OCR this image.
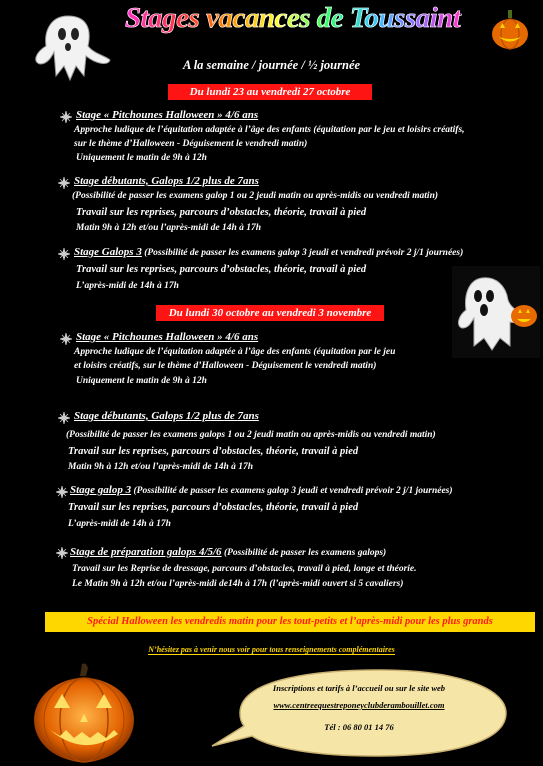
Stages vacances de Toussaint
A la semaine / journée / ½ journée
Du lundi 23 au vendredi 27 octobre
Stage « Pitchounes Halloween » 4/6 ans
Approche ludique de l’équitation adaptée à l’âge des enfants (équitation par le jeu et loisirs créatifs,
sur le thème d’Halloween - Déguisement le vendredi matin)
Uniquement le matin de 9h à 12h
Stage débutants, Galops 1/2 plus de 7ans
(Possibilité de passer les examens galop 1 ou 2 jeudi matin ou après-midis ou vendredi matin)
Travail sur les reprises, parcours d’obstacles, théorie, travail à pied
Matin 9h à 12h et/ou l’après-midi de 14h à 17h
Stage Galops 3 (Possibilité de passer les examens galop 3 jeudi et vendredi prévoir 2 j/1 journées)
Travail sur les reprises, parcours d’obstacles, théorie, travail à pied
L’après-midi de 14h à 17h
Du lundi 30 octobre au vendredi 3 novembre
Stage « Pitchounes Halloween » 4/6 ans
Approche ludique de l’équitation adaptée à l’âge des enfants (équitation par le jeu
et loisirs créatifs, sur le thème d’Halloween - Déguisement le vendredi matin)
Uniquement le matin de 9h à 12h
Stage débutants, Galops 1/2 plus de 7ans
(Possibilité de passer les examens galops 1 ou 2 jeudi matin ou après-midis ou vendredi matin)
Travail sur les reprises, parcours d’obstacles, théorie, travail à pied
Matin 9h à 12h et/ou l’après-midi de 14h à 17h
Stage galop 3 (Possibilité de passer les examens galop 3 jeudi et vendredi prévoir 2 j/1 journées)
Travail sur les reprises, parcours d’obstacles, théorie, travail à pied
L’après-midi de 14h à 17h
Stage de préparation galops 4/5/6 (Possibilité de passer les examens galops)
Travail sur les Reprise de dressage, parcours d’obstacles, travail à pied, longe et théorie.
Le Matin 9h à 12h et/ou l’après-midi de14h à 17h (l’après-midi ouvert si 5 cavaliers)
Spécial Halloween les vendredis matin pour les tout-petits et l’après-midi pour les plus grands
N’hésitez pas à venir nous voir pour tous renseignements complémentaires
Inscriptions et tarifs à l’accueil ou sur le site web
www.centreequestreponeyclubderambouillet.com
Tél : 06 80 01 14 76
